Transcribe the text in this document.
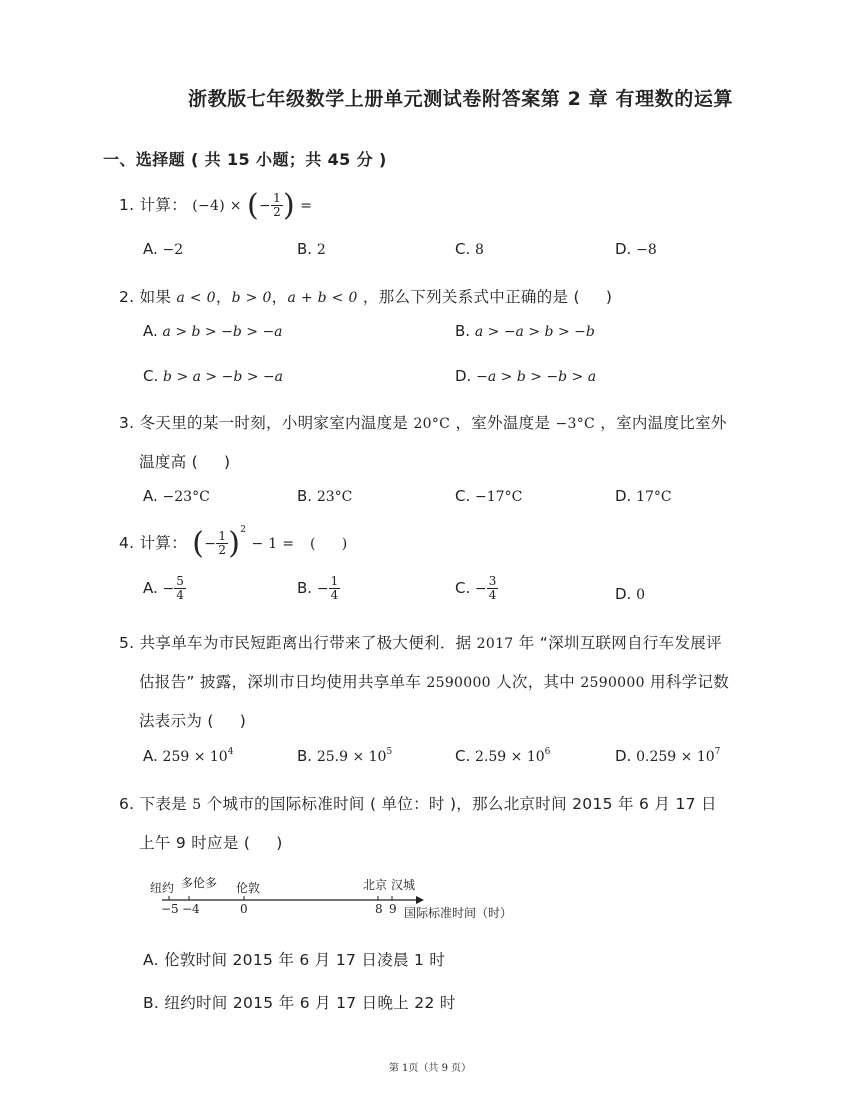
浙教版七年级数学上册单元测试卷附答案第 2 章 有理数的运算
一、选择题 ( 共 15 小题；共 45 分 )
1. 计算： (−4) × (− $\frac{1}{2}$ ) =
A. −2	B. 2	C. 8	D. −8
2. 如果 a < 0，b > 0，a + b < 0 ，那么下列关系式中正确的是 ( )
A. a > b > −b > −a	B. a > −a > b > −b
C. b > a > −b > −a	D. −a > b > −b > a
3. 冬天里的某一时刻，小明家室内温度是 20°C ，室外温度是 −3°C ，室内温度比室外
温度高 ( )
A. −23°C	B. 23°C	C. −17°C	D. 17°C
4. 计算： (− $\frac{1}{2} )^2 - 1$ = ( )
A. − $\frac{5}{4}$	B. − $\frac{1}{4}$	C. − $\frac{3}{4}$	D. 0
5. 共享单车为市民短距离出行带来了极大便利．据 2017 年 “深圳互联网自行车发展评
估报告” 披露，深圳市日均使用共享单车 2590000 人次，其中 2590000 用科学记数
法表示为 ( )
A. $259 \times 10^4$	B. $25.9 \times 10^5$	C. $2.59 \times 10^6$	D. $0.259 \times 10^7$
6. 下表是 5 个城市的国际标准时间 ( 单位：时 )，那么北京时间 2015 年 6 月 17 日
上午 9 时应是 ( )
纽约 多伦多 伦敦	北京 汉城
−5 −4	0	8 9 国际标准时间（时）
A. 伦敦时间 2015 年 6 月 17 日凌晨 1 时
B. 纽约时间 2015 年 6 月 17 日晚上 22 时
第 1页（共 9 页）
